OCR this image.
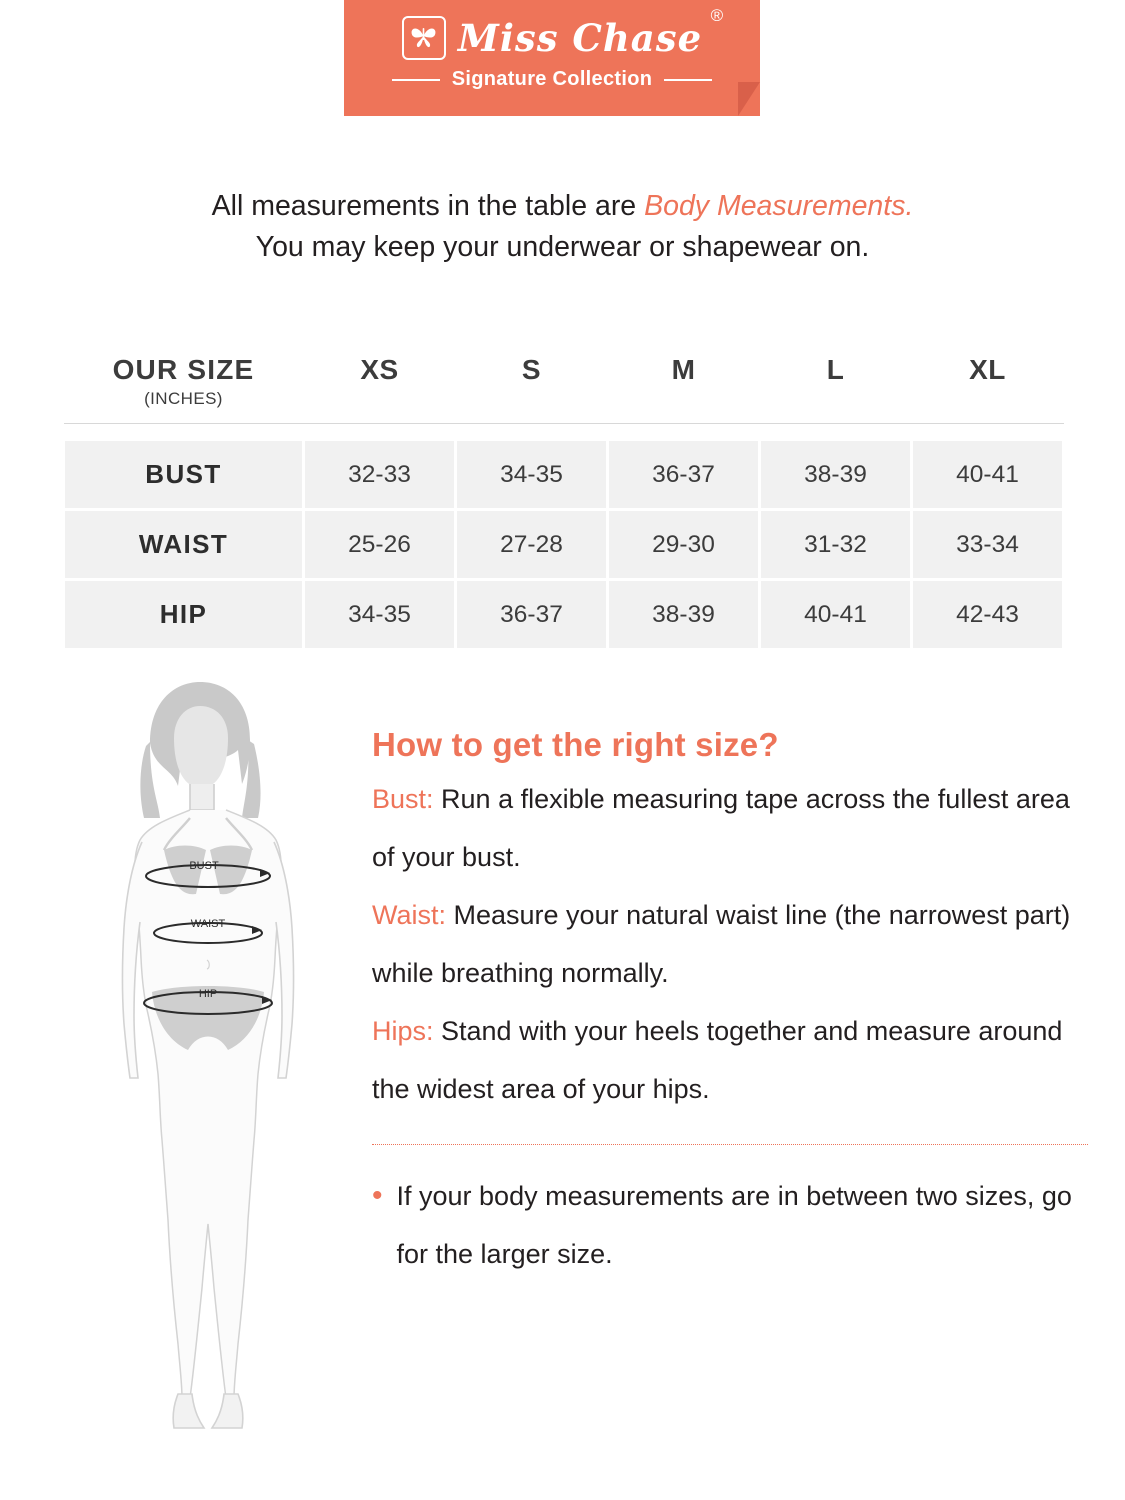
Miss Chase
®
Signature Collection
All measurements in the table are Body Measurements.
You may keep your underwear or shapewear on.
OUR SIZE	XS	S	M	L	XL
(INCHES)					

BUST	32-33	34-35	36-37	38-39	40-41
WAIST	25-26	27-28	29-30	31-32	33-34
HIP	34-35	36-37	38-39	40-41	42-43
BUST
WAIST
HIP
How to get the right size?

Bust: Run a flexible measuring tape across the fullest area of your bust.

Waist: Measure your natural waist line (the narrowest part) while breathing normally.

Hips: Stand with your heels together and measure around the widest area of your hips.

• If your body measurements are in between two sizes, go for the larger size.
